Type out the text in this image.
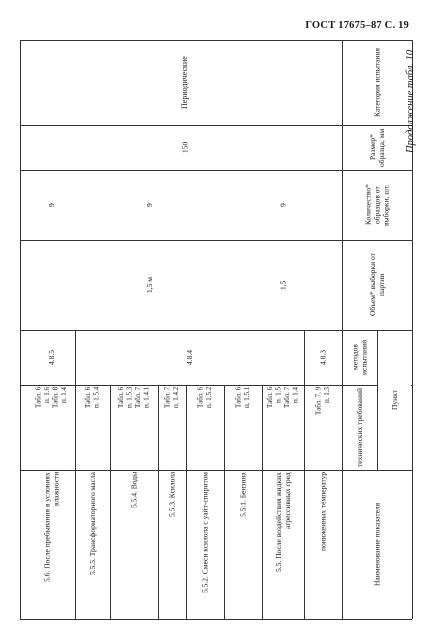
ГОСТ 17675–87 С. 19
Категория испытания
Размер* образца, мм
Количество* образцов от выборки, шт.
Объем* выборки от партии
Пункт
методов испытаний
технических требований
Наименование показателя
пониженных температур
Табл. 7, 9
п. 1.3
4.8.3
5.5. После воздействия жидких агрессивных сред
Табл. 6
п. 1.5
Табл. 7
п. 1.4
5.5.1. Бензина
Табл. 6
п. 1.5.1
5.5.2. Смеси ксилола с уайт-спиритом
Табл. 6
п. 1.5.2
5.5.3. Ксилола
Табл. 7
п. 1.4.2
5.5.4. Воды
Табл. 6
п. 1.5.3
Табл. 7
п. 1.4.1
5.5.5. Трансформаторного масла
Табл. 6
п. 1.5.4
5.6. После пребывания в условиях влажности
Табл. 6
п. 1.6
Табл. 8
п. 1.4
4.8.5
9
4.8.4
1,5
1,5 м
9
9
150
Периодические	Продолжение табл. 10
